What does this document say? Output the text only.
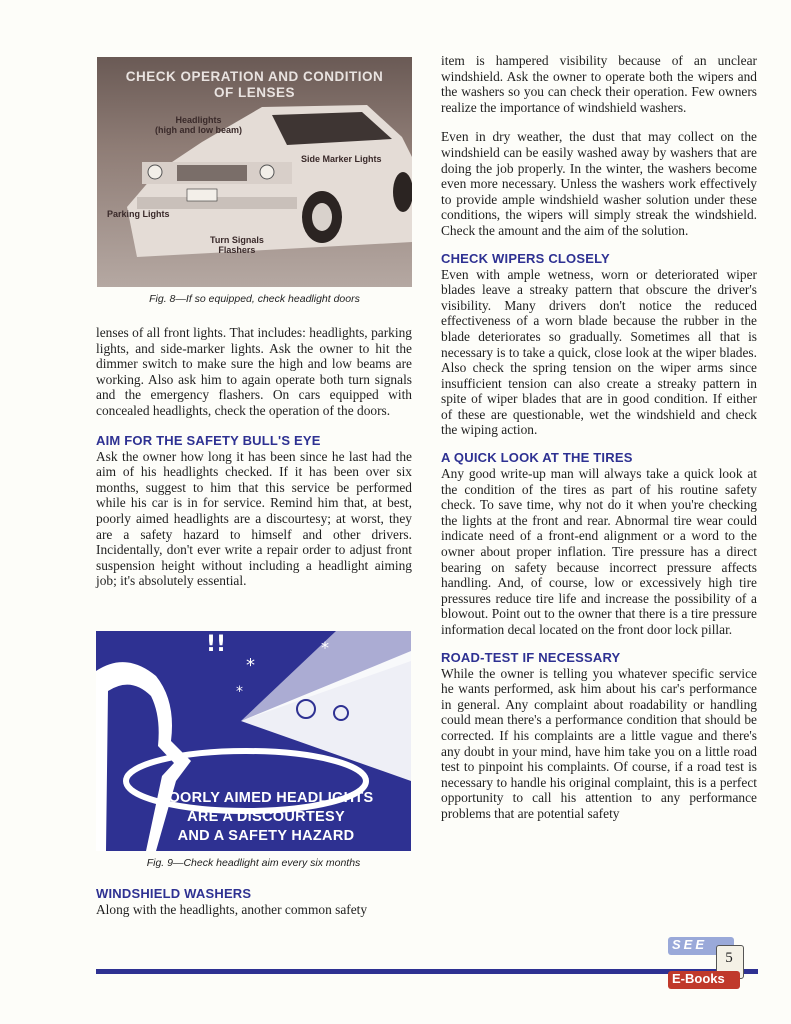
CHECK OPERATION AND CONDITION
OF LENSES
Headlights
(high and low beam)
Side Marker Lights
Parking Lights
Turn Signals
Flashers
Fig. 8—If so equipped, check headlight doors

lenses of all front lights. That includes: headlights, parking lights, and side-marker lights. Ask the owner to hit the dimmer switch to make sure the high and low beams are working. Also ask him to again operate both turn signals and the emergency flashers. On cars equipped with concealed headlights, check the operation of the doors.

AIM FOR THE SAFETY BULL'S EYE

Ask the owner how long it has been since he last had the aim of his headlights checked. If it has been over six months, suggest to him that this service be performed while his car is in for service. Remind him that, at best, poorly aimed headlights are a discourtesy; at worst, they are a safety hazard to himself and other drivers. Incidentally, don't ever write a repair order to adjust front suspension height without including a headlight aiming job; it's absolutely essential.

!!
*
*
*
POORLY AIMED HEADLIGHTS
ARE A DISCOURTESY
AND A SAFETY HAZARD
Fig. 9—Check headlight aim every six months
WINDSHIELD WASHERS

Along with the headlights, another common safety

item is hampered visibility because of an unclear windshield. Ask the owner to operate both the wipers and the washers so you can check their operation. Few owners realize the importance of windshield washers.

Even in dry weather, the dust that may collect on the windshield can be easily washed away by washers that are doing the job properly. In the winter, the washers become even more necessary. Unless the washers work effectively to provide ample windshield washer solution under these conditions, the wipers will simply streak the windshield. Check the amount and the aim of the solution.

CHECK WIPERS CLOSELY

Even with ample wetness, worn or deteriorated wiper blades leave a streaky pattern that obscure the driver's visibility. Many drivers don't notice the reduced effectiveness of a worn blade because the rubber in the blade deteriorates so gradually. Sometimes all that is necessary is to take a quick, close look at the wiper blades. Also check the spring tension on the wiper arms since insufficient tension can also create a streaky pattern in spite of wiper blades that are in good condition. If either of these are questionable, wet the windshield and check the wiping action.

A QUICK LOOK AT THE TIRES

Any good write-up man will always take a quick look at the condition of the tires as part of his routine safety check. To save time, why not do it when you're checking the lights at the front and rear. Abnormal tire wear could indicate need of a front-end alignment or a word to the owner about proper inflation. Tire pressure has a direct bearing on safety because incorrect pressure affects handling. And, of course, low or excessively high tire pressures reduce tire life and increase the possibility of a blowout. Point out to the owner that there is a tire pressure information decal located on the front door lock pillar.

ROAD-TEST IF NECESSARY

While the owner is telling you whatever specific service he wants performed, ask him about his car's performance in general. Any complaint about roadability or handling could mean there's a performance condition that should be corrected. If his complaints are a little vague and there's any doubt in your mind, have him take you on a little road test to pinpoint his complaints. Of course, if a road test is necessary to handle his original complaint, this is a perfect opportunity to call his attention to any performance problems that are potential safety

SEE
5
E-Books
